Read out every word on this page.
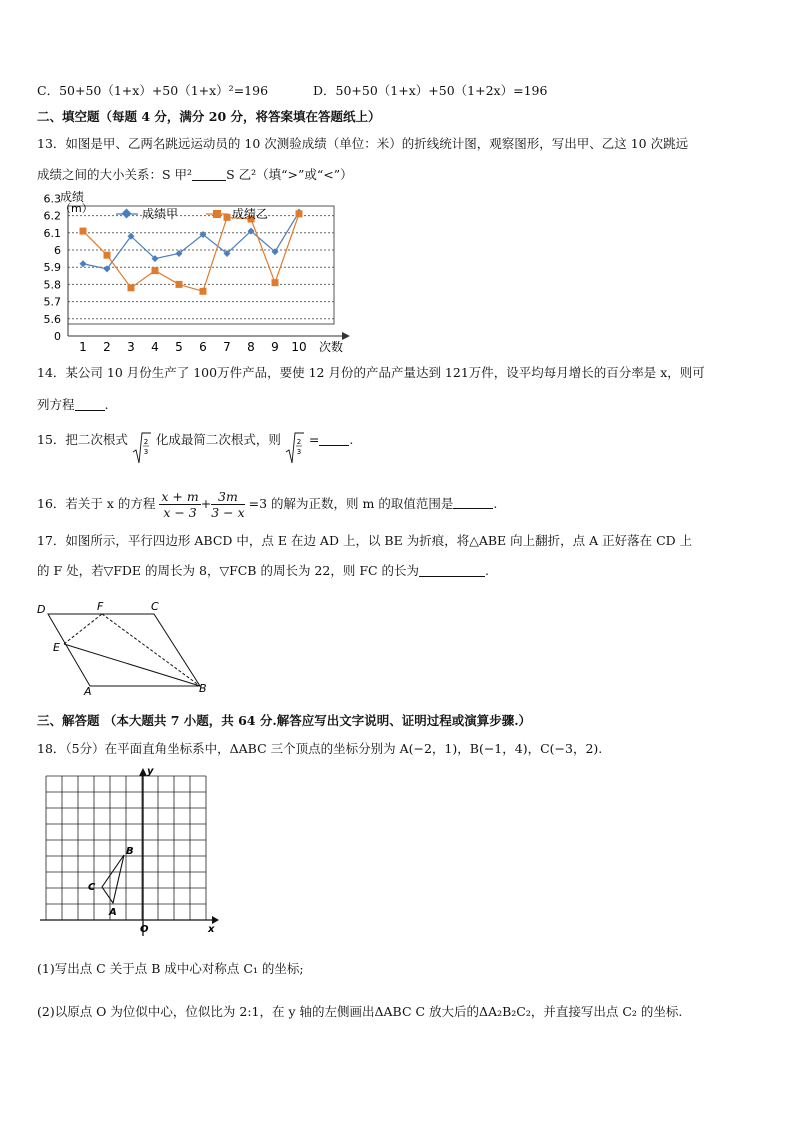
C．50+50（1+x）+50（1+x）²=196	D．50+50（1+x）+50（1+2x）=196
二、填空题（每题 4 分，满分 20 分，将答案填在答题纸上）
13．如图是甲、乙两名跳远运动员的 10 次测验成绩（单位：米）的折线统计图，观察图形，写出甲、乙这 10 次跳远
成绩之间的大小关系：S 甲²	S 乙²（填“>”或“<”）
0
5.6
5.7
5.8
5.9
6
6.1
6.2
6.3
1 2 3 4 5 6 7 8 9 10
成绩
（m）
次数
成绩甲	成绩乙
14．某公司 10 月份生产了 100万件产品，要使 12 月份的产品产量达到 121万件，设平均每月增长的百分率是 x，则可
列方程 .
15．把二次根式 2
3
化成最简二次根式，则 2
3
= .
16．若关于 x 的方程 $\frac{x + m}{x - 3} + \frac{3m}{3 - x} =3$ 的解为正数，则 m 的取值范围是	.
17．如图所示，平行四边形 ABCD 中，点 E 在边 AD 上，以 BE 为折痕，将△ABE 向上翻折，点 A 正好落在 CD 上
的 F 处，若▽FDE 的周长为 8，▽FCB 的周长为 22，则 FC 的长为	.
D	F	C
E
A	B
三、解答题 （本大题共 7 小题，共 64 分.解答应写出文字说明、证明过程或演算步骤.）
18．（5分）在平面直角坐标系中，ΔABC 三个顶点的坐标分别为 A(−2，1)，B(−1，4)，C(−3，2).
y
x
O
A
B
C
(1)写出点 C 关于点 B 成中心对称点 C₁ 的坐标;
(2)以原点 O 为位似中心，位似比为 2:1，在 y 轴的左侧画出ΔABC C 放大后的ΔA₂B₂C₂，并直接写出点 C₂ 的坐标.
